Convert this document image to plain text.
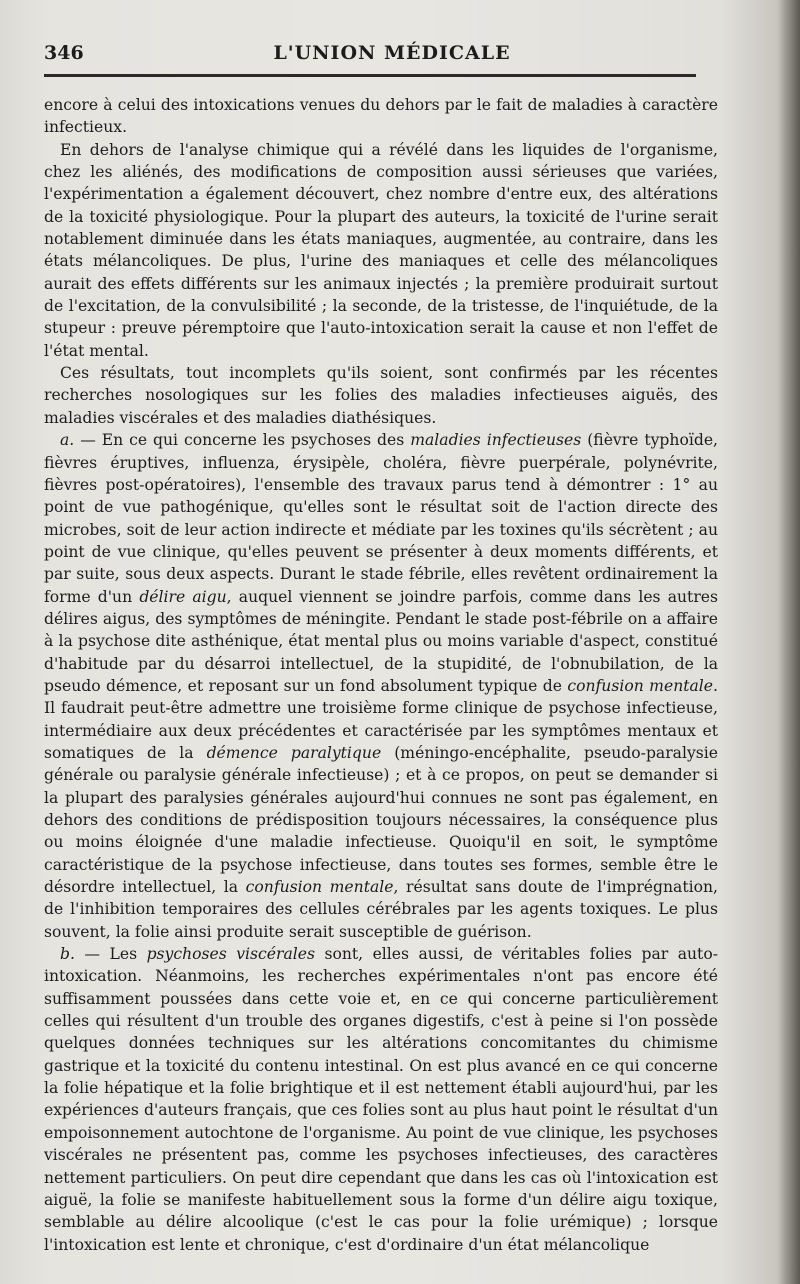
346	L'UNION MÉDICALE

encore à celui des intoxications venues du dehors par le fait de maladies à caractère infectieux.

En dehors de l'analyse chimique qui a révélé dans les liquides de l'organisme, chez les aliénés, des modifications de composition aussi sérieuses que variées, l'expérimentation a également découvert, chez nombre d'entre eux, des altérations de la toxicité physiologique. Pour la plupart des auteurs, la toxicité de l'urine serait notablement diminuée dans les états maniaques, augmentée, au contraire, dans les états mélancoliques. De plus, l'urine des maniaques et celle des mélancoliques aurait des effets différents sur les animaux injectés ; la première produirait surtout de l'excitation, de la convulsibilité ; la seconde, de la tristesse, de l'inquiétude, de la stupeur : preuve péremptoire que l'auto-intoxication serait la cause et non l'effet de l'état mental.

Ces résultats, tout incomplets qu'ils soient, sont confirmés par les récentes recherches nosologiques sur les folies des maladies infectieuses aiguës, des maladies viscérales et des maladies diathésiques.

a. — En ce qui concerne les psychoses des maladies infectieuses (fièvre typhoïde, fièvres éruptives, influenza, érysipèle, choléra, fièvre puerpérale, polynévrite, fièvres post-opératoires), l'ensemble des travaux parus tend à démontrer : 1° au point de vue pathogénique, qu'elles sont le résultat soit de l'action directe des microbes, soit de leur action indirecte et médiate par les toxines qu'ils sécrètent ; au point de vue clinique, qu'elles peuvent se présenter à deux moments différents, et par suite, sous deux aspects. Durant le stade fébrile, elles revêtent ordinairement la forme d'un délire aigu, auquel viennent se joindre parfois, comme dans les autres délires aigus, des symptômes de méningite. Pendant le stade post-fébrile on a affaire à la psychose dite asthénique, état mental plus ou moins variable d'aspect, constitué d'habitude par du désarroi intellectuel, de la stupidité, de l'obnubilation, de la pseudo démence, et reposant sur un fond absolument typique de confusion mentale. Il faudrait peut-être admettre une troisième forme clinique de psychose infectieuse, intermédiaire aux deux précédentes et caractérisée par les symptômes mentaux et somatiques de la démence paralytique (méningo-encéphalite, pseudo-paralysie générale ou paralysie générale infectieuse) ; et à ce propos, on peut se demander si la plupart des paralysies générales aujourd'hui connues ne sont pas également, en dehors des conditions de prédisposition toujours nécessaires, la conséquence plus ou moins éloignée d'une maladie infectieuse. Quoiqu'il en soit, le symptôme caractéristique de la psychose infectieuse, dans toutes ses formes, semble être le désordre intellectuel, la confusion mentale, résultat sans doute de l'imprégnation, de l'inhibition temporaires des cellules cérébrales par les agents toxiques. Le plus souvent, la folie ainsi produite serait susceptible de guérison.

b. — Les psychoses viscérales sont, elles aussi, de véritables folies par auto-intoxication. Néanmoins, les recherches expérimentales n'ont pas encore été suffisamment poussées dans cette voie et, en ce qui concerne particulièrement celles qui résultent d'un trouble des organes digestifs, c'est à peine si l'on possède quelques données techniques sur les altérations concomitantes du chimisme gastrique et la toxicité du contenu intestinal. On est plus avancé en ce qui concerne la folie hépatique et la folie brightique et il est nettement établi aujourd'hui, par les expériences d'auteurs français, que ces folies sont au plus haut point le résultat d'un empoisonnement autochtone de l'organisme. Au point de vue clinique, les psychoses viscérales ne présentent pas, comme les psychoses infectieuses, des caractères nettement particuliers. On peut dire cependant que dans les cas où l'intoxication est aiguë, la folie se manifeste habituellement sous la forme d'un délire aigu toxique, semblable au délire alcoolique (c'est le cas pour la folie urémique) ; lorsque l'intoxication est lente et chronique, c'est d'ordinaire d'un état mélancolique
